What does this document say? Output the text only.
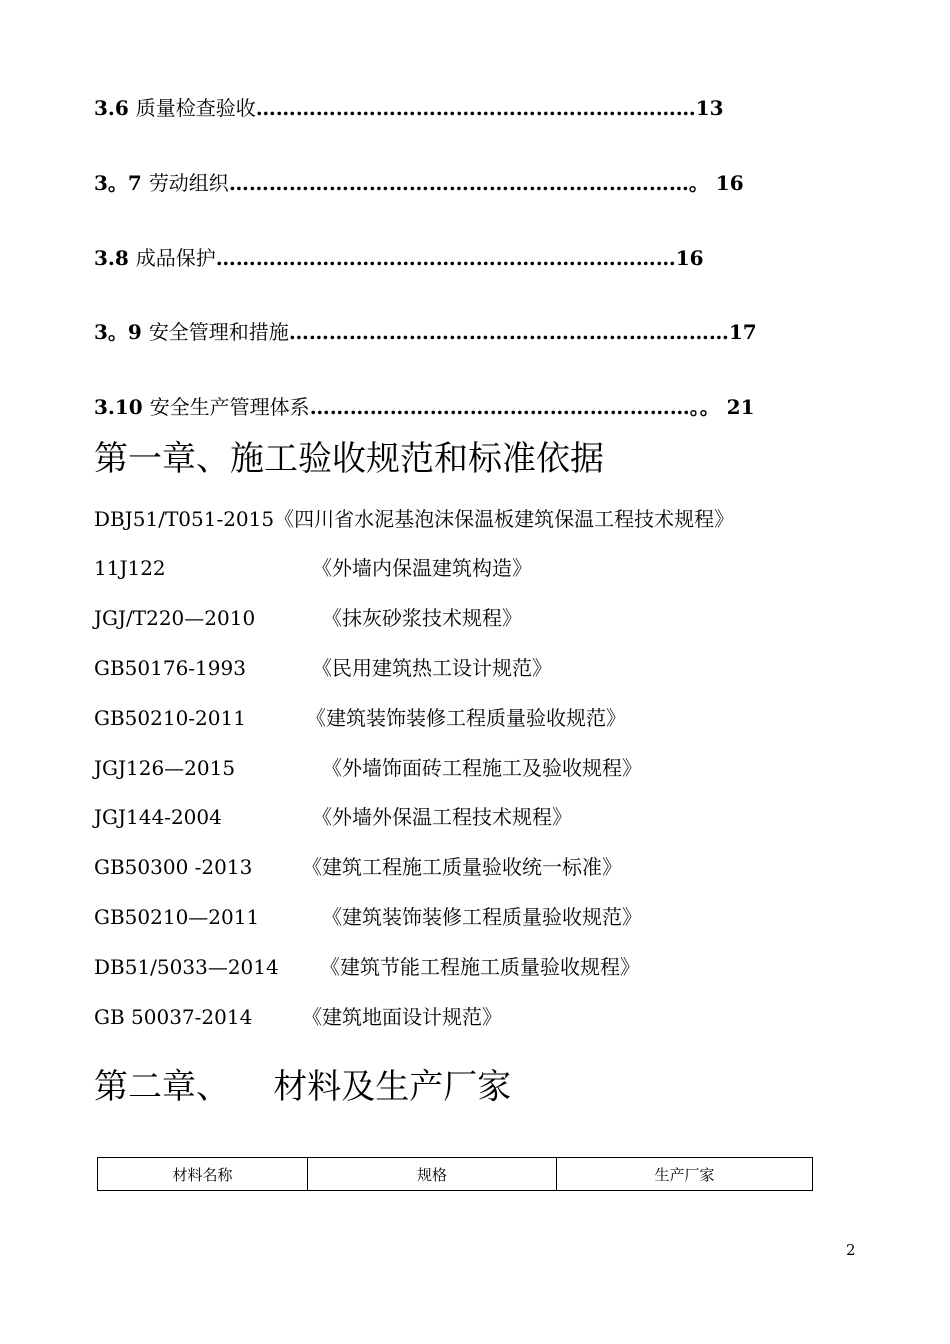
3.6 质量检查验收…………………………………………………………13
3。7 劳动组织……………………………………………………………。 16
3.8 成品保护……………………………………………………………16
3。9 安全管理和措施…………………………………………………………17
3.10 安全生产管理体系…………………………………………………。。 21
第一章、施工验收规范和标准依据
DBJ51/T051-2015《四川省水泥基泡沫保温板建筑保温工程技术规程》
11J122	《外墙内保温建筑构造》
JGJ/T220—2010	《抹灰砂浆技术规程》
GB50176-1993	《民用建筑热工设计规范》
GB50210-2011	《建筑装饰装修工程质量验收规范》
JGJ126—2015	《外墙饰面砖工程施工及验收规程》
JGJ144-2004	《外墙外保温工程技术规程》
GB50300 -2013 《建筑工程施工质量验收统一标准》
GB50210—2011	《建筑装饰装修工程质量验收规范》
DB51/5033—2014 《建筑节能工程施工质量验收规程》
GB 50037-2014 《建筑地面设计规范》
第二章、    材料及生产厂家
材料名称	规格	生产厂家
2
